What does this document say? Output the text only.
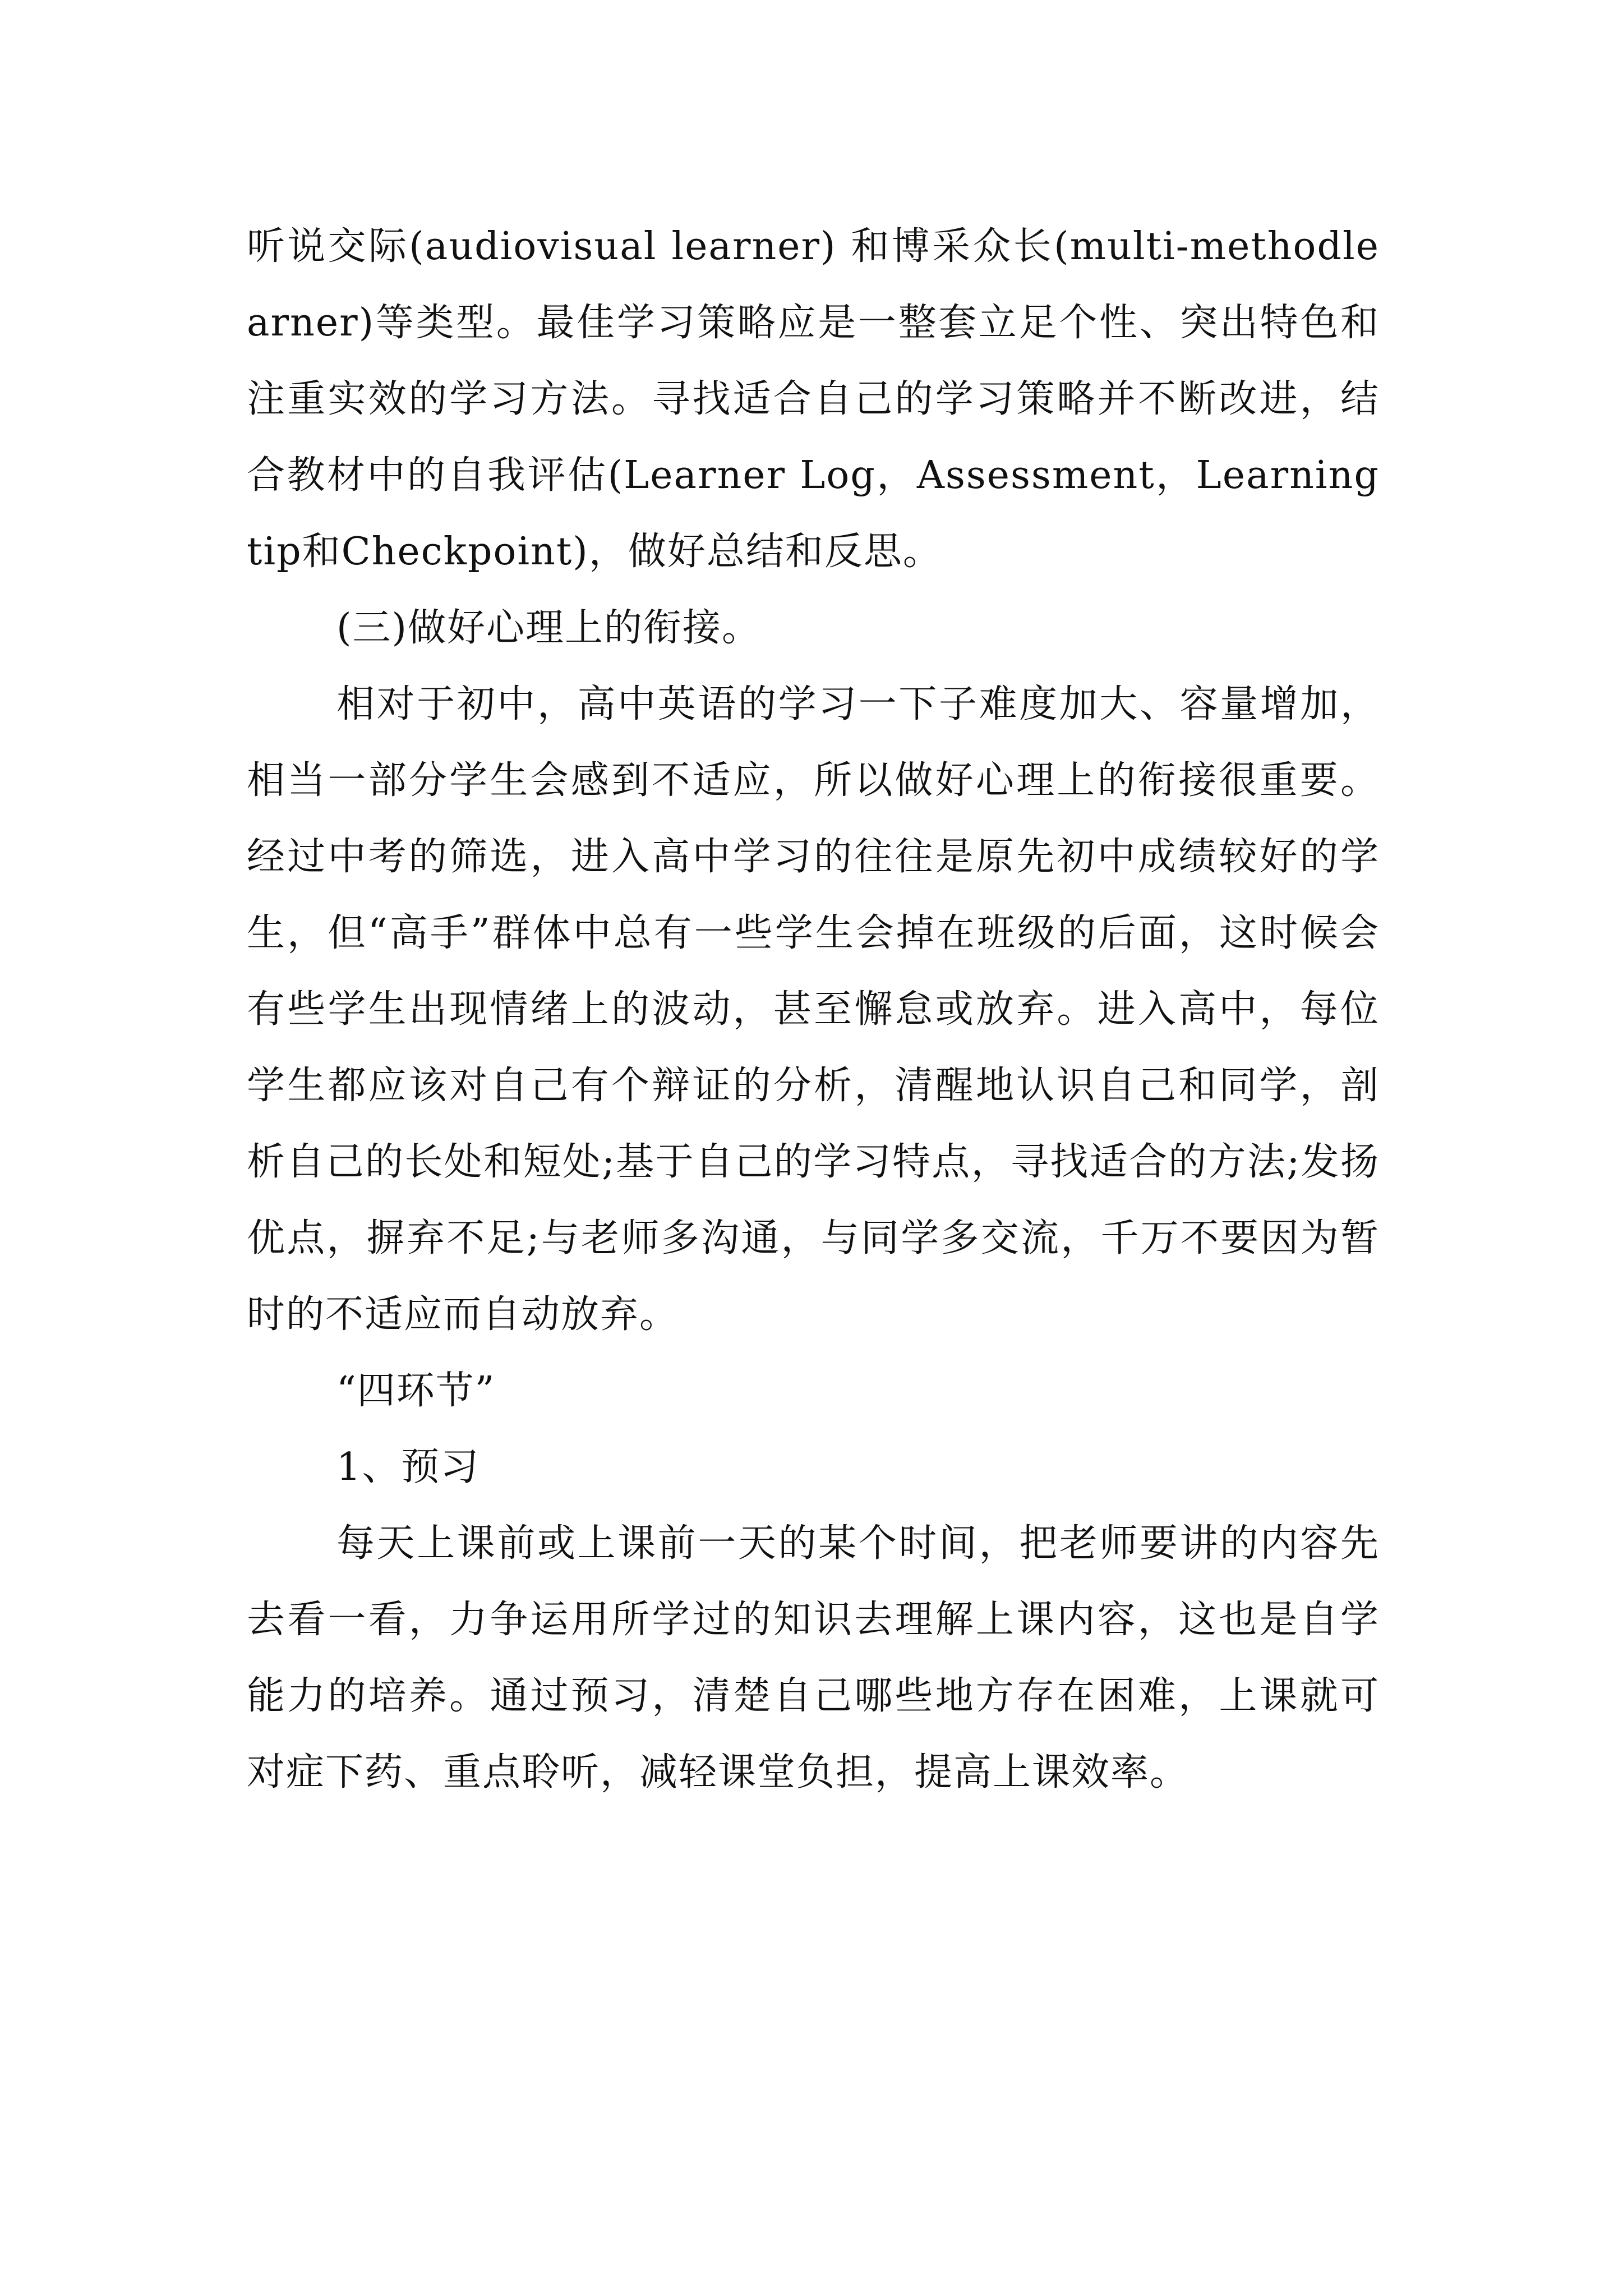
听说交际(audiovisual learner) 和博采众长(multi-methodlearner)等类型。最佳学习策略应是一整套立足个性、突出特色和注重实效的学习方法。寻找适合自己的学习策略并不断改进，结合教材中的自我评估(Learner Log，Assessment，Learning tip和Checkpoint)，做好总结和反思。

(三)做好心理上的衔接。

相对于初中，高中英语的学习一下子难度加大、容量增加，相当一部分学生会感到不适应，所以做好心理上的衔接很重要。经过中考的筛选，进入高中学习的往往是原先初中成绩较好的学生，但“高手”群体中总有一些学生会掉在班级的后面，这时候会有些学生出现情绪上的波动，甚至懈怠或放弃。进入高中，每位学生都应该对自己有个辩证的分析，清醒地认识自己和同学，剖析自己的长处和短处;基于自己的学习特点，寻找适合的方法;发扬优点，摒弃不足;与老师多沟通，与同学多交流，千万不要因为暂时的不适应而自动放弃。

“四环节”

1、预习

每天上课前或上课前一天的某个时间，把老师要讲的内容先去看一看，力争运用所学过的知识去理解上课内容，这也是自学能力的培养。通过预习，清楚自己哪些地方存在困难，上课就可对症下药、重点聆听，减轻课堂负担，提高上课效率。
